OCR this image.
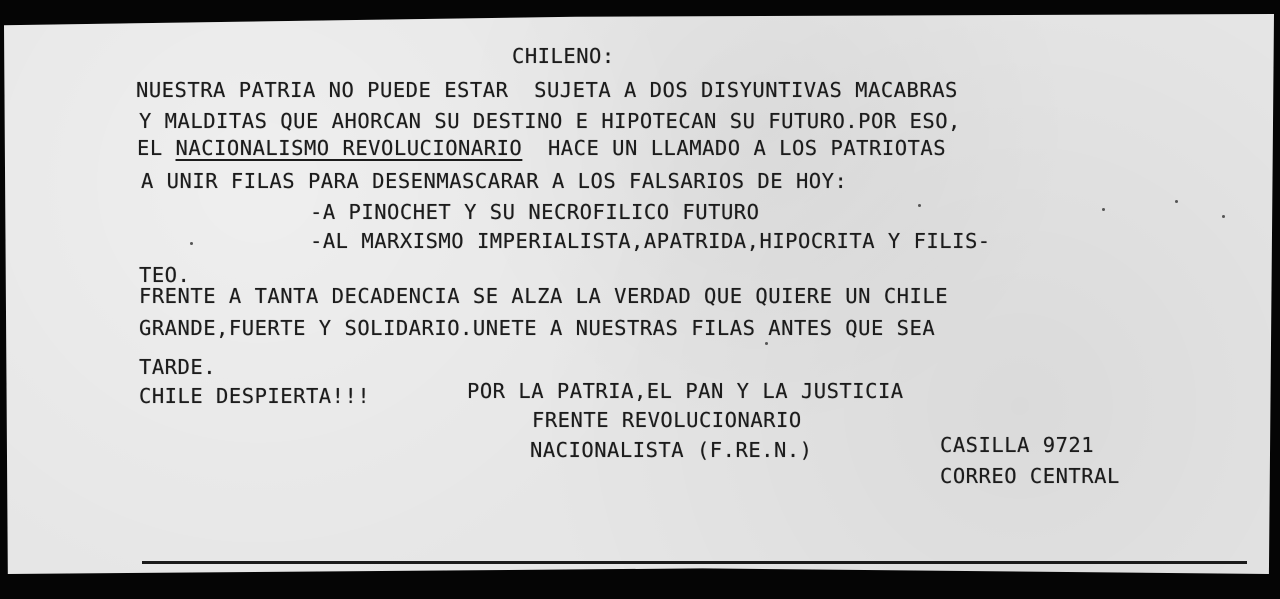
CHILENO:

NUESTRA PATRIA NO PUEDE ESTAR  SUJETA A DOS DISYUNTIVAS MACABRAS

Y MALDITAS QUE AHORCAN SU DESTINO E HIPOTECAN SU FUTURO.POR ESO,

EL NACIONALISMO REVOLUCIONARIO  HACE UN LLAMADO A LOS PATRIOTAS

A UNIR FILAS PARA DESENMASCARAR A LOS FALSARIOS DE HOY:

-A PINOCHET Y SU NECROFILICO FUTURO

-AL MARXISMO IMPERIALISTA,APATRIDA,HIPOCRITA Y FILIS-

TEO.

FRENTE A TANTA DECADENCIA SE ALZA LA VERDAD QUE QUIERE UN CHILE

GRANDE,FUERTE Y SOLIDARIO.UNETE A NUESTRAS FILAS ANTES QUE SEA

TARDE.

CHILE DESPIERTA!!!	POR LA PATRIA,EL PAN Y LA JUSTICIA

FRENTE REVOLUCIONARIO

NACIONALISTA (F.RE.N.)	CASILLA 9721

CORREO CENTRAL
